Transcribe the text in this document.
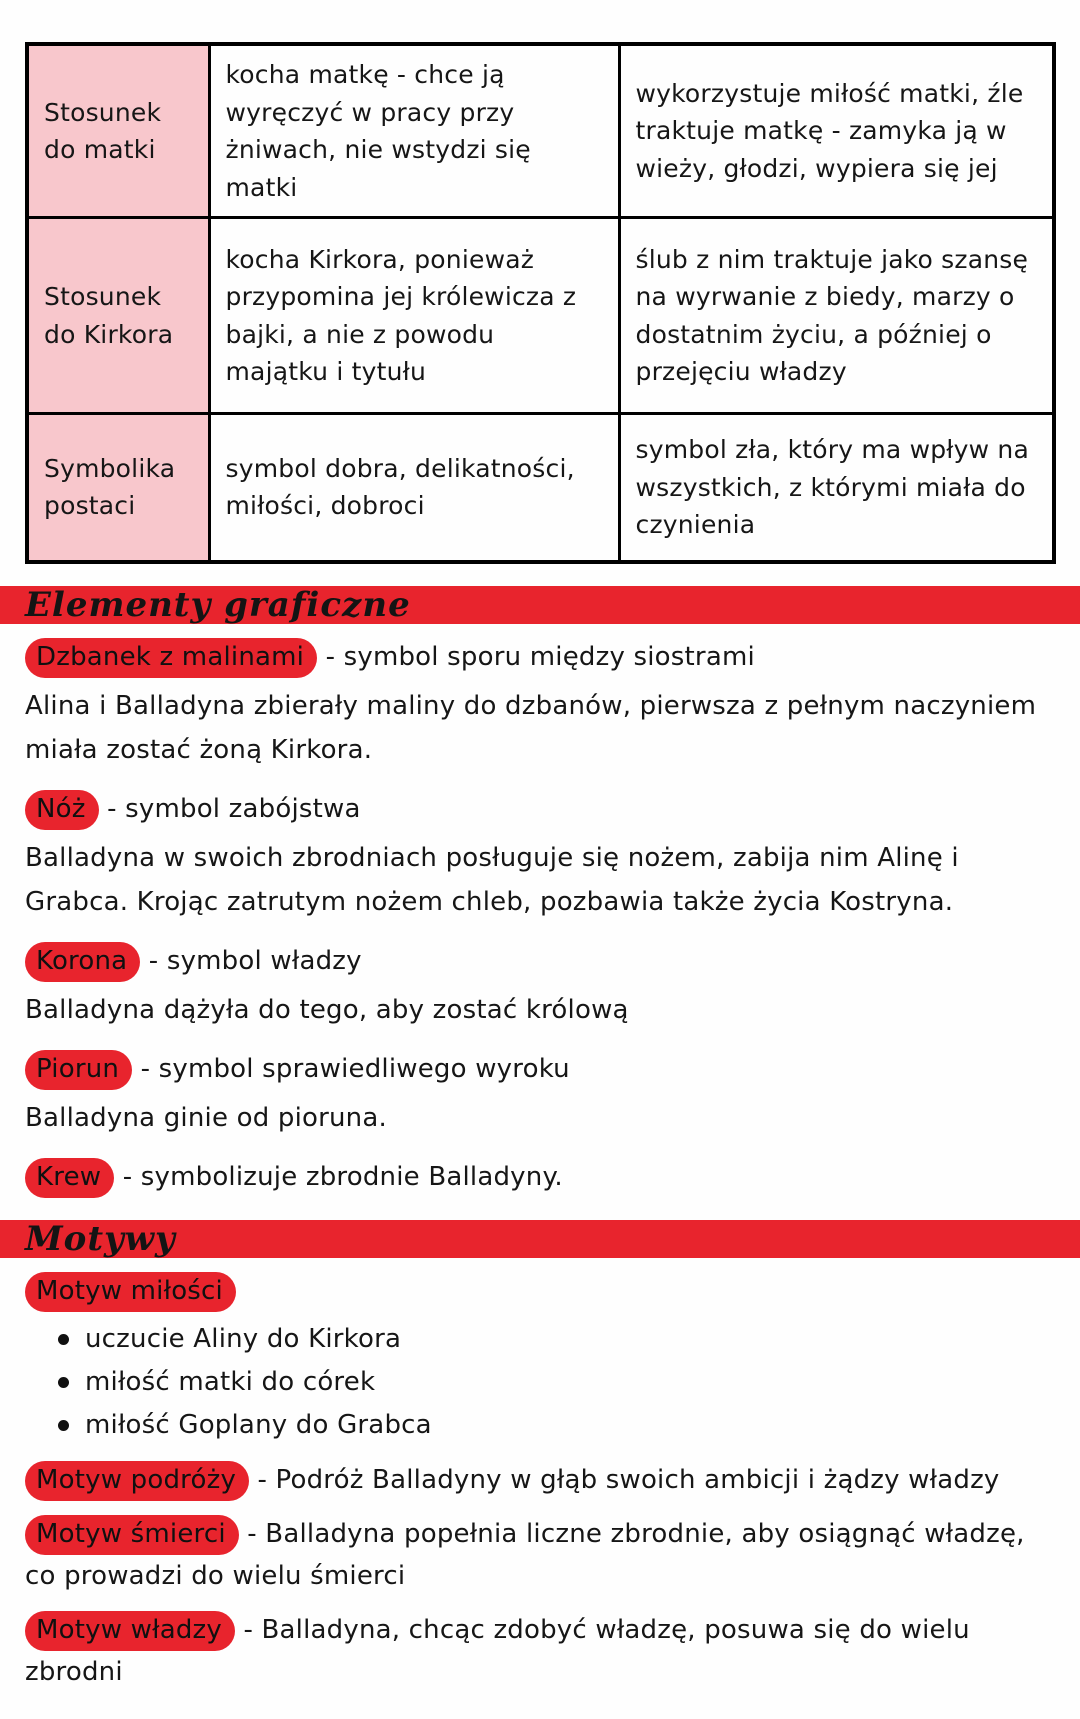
Stosunek do matki	kocha matkę - chce ją wyręczyć w pracy przy żniwach, nie wstydzi się matki	wykorzystuje miłość matki, źle traktuje matkę - zamyka ją w wieży, głodzi, wypiera się jej
Stosunek do Kirkora	kocha Kirkora, ponieważ przypomina jej królewicza z bajki, a nie z powodu majątku i tytułu	ślub z nim traktuje jako szansę na wyrwanie z biedy, marzy o dostatnim życiu, a później o przejęciu władzy
Symbolika postaci	symbol dobra, delikatności, miłości, dobroci	symbol zła, który ma wpływ na wszystkich, z którymi miała do czynienia
Elementy graficzne

Dzbanek z malinami - symbol sporu między siostrami

Alina i Balladyna zbierały maliny do dzbanów, pierwsza z pełnym naczyniem miała zostać żoną Kirkora.

Nóż - symbol zabójstwa

Balladyna w swoich zbrodniach posługuje się nożem, zabija nim Alinę i Grabca. Krojąc zatrutym nożem chleb, pozbawia także życia Kostryna.

Korona - symbol władzy

Balladyna dążyła do tego, aby zostać królową

Piorun - symbol sprawiedliwego wyroku

Balladyna ginie od pioruna.

Krew - symbolizuje zbrodnie Balladyny.

Motywy

Motyw miłości

uczucie Aliny do Kirkora
miłość matki do córek
miłość Goplany do Grabca

Motyw podróży - Podróż Balladyny w głąb swoich ambicji i żądzy władzy

Motyw śmierci - Balladyna popełnia liczne zbrodnie, aby osiągnąć władzę, co prowadzi do wielu śmierci

Motyw władzy - Balladyna, chcąc zdobyć władzę, posuwa się do wielu zbrodni
